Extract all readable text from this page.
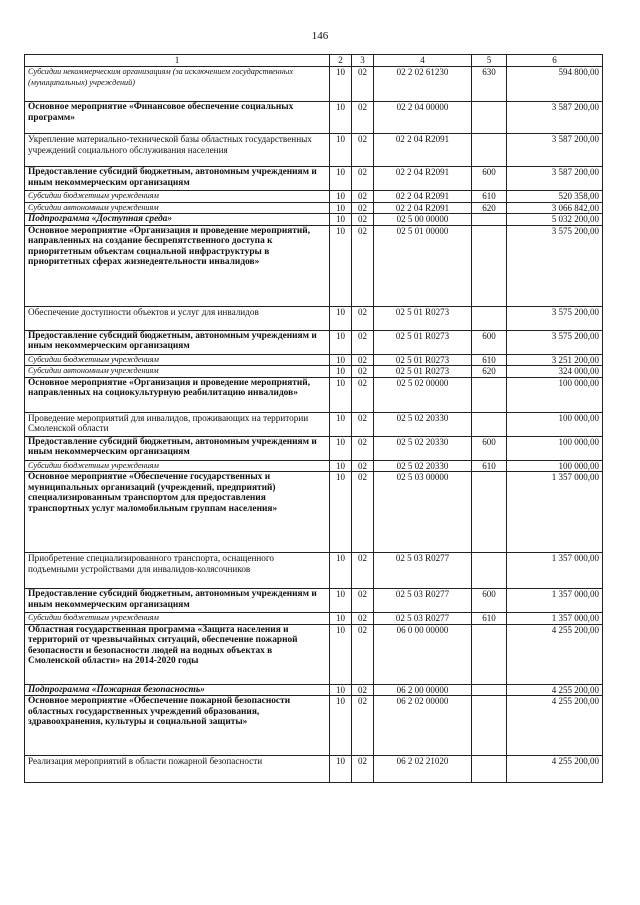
146
1	2	3	4	5	6
Субсидии некоммерческим организациям (за исключением государственных (муниципальных) учреждений)	10	02	02 2 02 61230	630	594 800,00
Основное мероприятие «Финансовое обеспечение социальных программ»	10	02	02 2 04 00000		3 587 200,00
Укрепление материально-технической базы областных государственных учреждений социального обслуживания населения	10	02	02 2 04 R2091		3 587 200,00
Предоставление субсидий бюджетным, автономным учреждениям и иным некоммерческим организациям	10	02	02 2 04 R2091	600	3 587 200,00
Субсидии бюджетным учреждениям	10	02	02 2 04 R2091	610	520 358,00
Субсидии автономным учреждениям	10	02	02 2 04 R2091	620	3 066 842,00
Подпрограмма «Доступная среда»	10	02	02 5 00 00000		5 032 200,00
Основное мероприятие «Организация и проведение мероприятий, направленных на создание беспрепятственного доступа к приоритетным объектам социальной инфраструктуры в приоритетных сферах жизнедеятельности инвалидов»	10	02	02 5 01 00000		3 575 200,00
Обеспечение доступности объектов и услуг для инвалидов	10	02	02 5 01 R0273		3 575 200,00
Предоставление субсидий бюджетным, автономным учреждениям и иным некоммерческим организациям	10	02	02 5 01 R0273	600	3 575 200,00
Субсидии бюджетным учреждениям	10	02	02 5 01 R0273	610	3 251 200,00
Субсидии автономным учреждениям	10	02	02 5 01 R0273	620	324 000,00
Основное мероприятие «Организация и проведение мероприятий, направленных на социокультурную реабилитацию инвалидов»	10	02	02 5 02 00000		100 000,00
Проведение мероприятий для инвалидов, проживающих на территории Смоленской области	10	02	02 5 02 20330		100 000,00
Предоставление субсидий бюджетным, автономным учреждениям и иным некоммерческим организациям	10	02	02 5 02 20330	600	100 000,00
Субсидии бюджетным учреждениям	10	02	02 5 02 20330	610	100 000,00
Основное мероприятие «Обеспечение государственных и муниципальных организаций (учреждений, предприятий) специализированным транспортом для предоставления транспортных услуг маломобильным группам населения»	10	02	02 5 03 00000		1 357 000,00
Приобретение специализированного транспорта, оснащенного подъемными устройствами для инвалидов-колясочников	10	02	02 5 03 R0277		1 357 000,00
Предоставление субсидий бюджетным, автономным учреждениям и иным некоммерческим организациям	10	02	02 5 03 R0277	600	1 357 000,00
Субсидии бюджетным учреждениям	10	02	02 5 03 R0277	610	1 357 000,00
Областная государственная программа «Защита населения и территорий от чрезвычайных ситуаций, обеспечение пожарной безопасности и безопасности людей на водных объектах в Смоленской области» на 2014-2020 годы	10	02	06 0 00 00000		4 255 200,00
Подпрограмма «Пожарная безопасность»	10	02	06 2 00 00000		4 255 200,00
Основное мероприятие «Обеспечение пожарной безопасности областных государственных учреждений образования, здравоохранения, культуры и социальной защиты»	10	02	06 2 02 00000		4 255 200,00
Реализация мероприятий в области пожарной безопасности	10	02	06 2 02 21020		4 255 200,00
